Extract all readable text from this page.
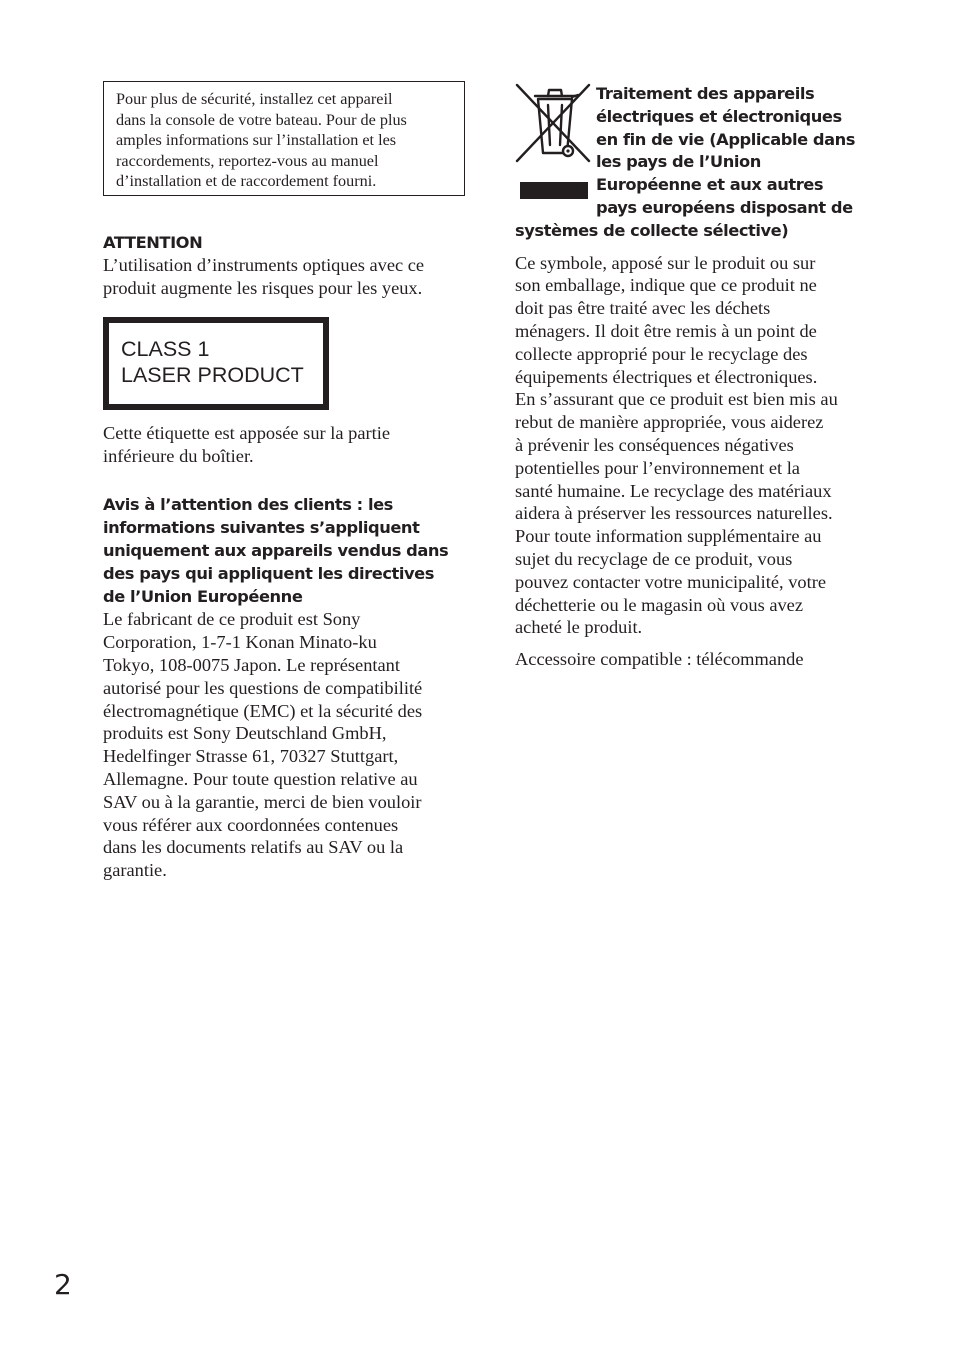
Pour plus de sécurité, installez cet appareil
dans la console de votre bateau. Pour de plus
amples informations sur l’installation et les
raccordements, reportez-vous au manuel
d’installation et de raccordement fourni.
ATTENTION
L’utilisation d’instruments optiques avec ce
produit augmente les risques pour les yeux.
CLASS 1
LASER PRODUCT
Cette étiquette est apposée sur la partie
inférieure du boîtier.
Avis à l’attention des clients : les
informations suivantes s’appliquent
uniquement aux appareils vendus dans
des pays qui appliquent les directives
de l’Union Européenne
Le fabricant de ce produit est Sony
Corporation, 1-7-1 Konan Minato-ku
Tokyo, 108-0075 Japon. Le représentant
autorisé pour les questions de compatibilité
électromagnétique (EMC) et la sécurité des
produits est Sony Deutschland GmbH,
Hedelfinger Strasse 61, 70327 Stuttgart,
Allemagne. Pour toute question relative au
SAV ou à la garantie, merci de bien vouloir
vous référer aux coordonnées contenues
dans les documents relatifs au SAV ou la
garantie.
Traitement des appareils
électriques et électroniques
en fin de vie (Applicable dans
les pays de l’Union
Européenne et aux autres
pays européens disposant de
systèmes de collecte sélective)
Ce symbole, apposé sur le produit ou sur
son emballage, indique que ce produit ne
doit pas être traité avec les déchets
ménagers. Il doit être remis à un point de
collecte approprié pour le recyclage des
équipements électriques et électroniques.
En s’assurant que ce produit est bien mis au
rebut de manière appropriée, vous aiderez
à prévenir les conséquences négatives
potentielles pour l’environnement et la
santé humaine. Le recyclage des matériaux
aidera à préserver les ressources naturelles.
Pour toute information supplémentaire au
sujet du recyclage de ce produit, vous
pouvez contacter votre municipalité, votre
déchetterie ou le magasin où vous avez
acheté le produit.
Accessoire compatible : télécommande
2
